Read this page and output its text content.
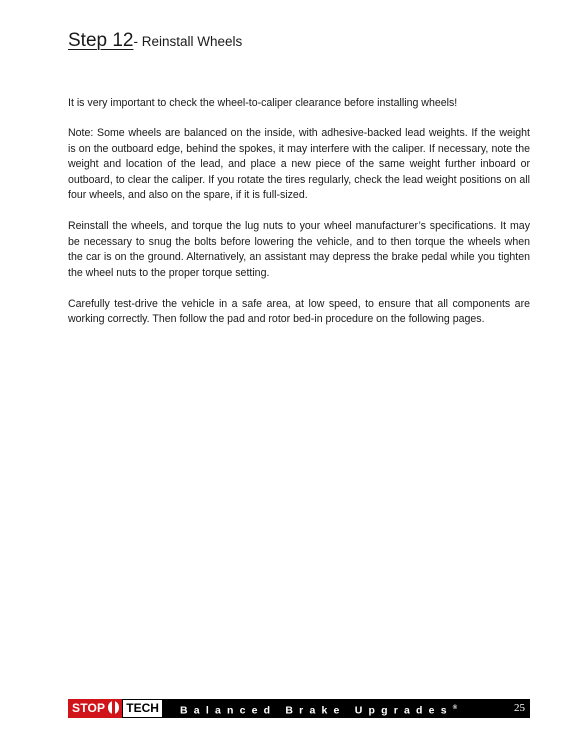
Step 12- Reinstall Wheels

It is very important to check the wheel-to-caliper clearance before installing wheels!

Note: Some wheels are balanced on the inside, with adhesive-backed lead weights. If the weight is on the outboard edge, behind the spokes, it may interfere with the caliper. If necessary, note the weight and location of the lead, and place a new piece of the same weight further inboard or outboard, to clear the caliper. If you rotate the tires regularly, check the lead weight positions on all four wheels, and also on the spare, if it is full-sized.

Reinstall the wheels, and torque the lug nuts to your wheel manufacturer’s specifications. It may be necessary to snug the bolts before lowering the vehicle, and to then torque the wheels when the car is on the ground. Alternatively, an assistant may depress the brake pedal while you tighten the wheel nuts to the proper torque setting.

Carefully test-drive the vehicle in a safe area, at low speed, to ensure that all components are working correctly. Then follow the pad and rotor bed-in procedure on the following pages.

STOP	TECH	Balanced Brake Upgrades®	25
